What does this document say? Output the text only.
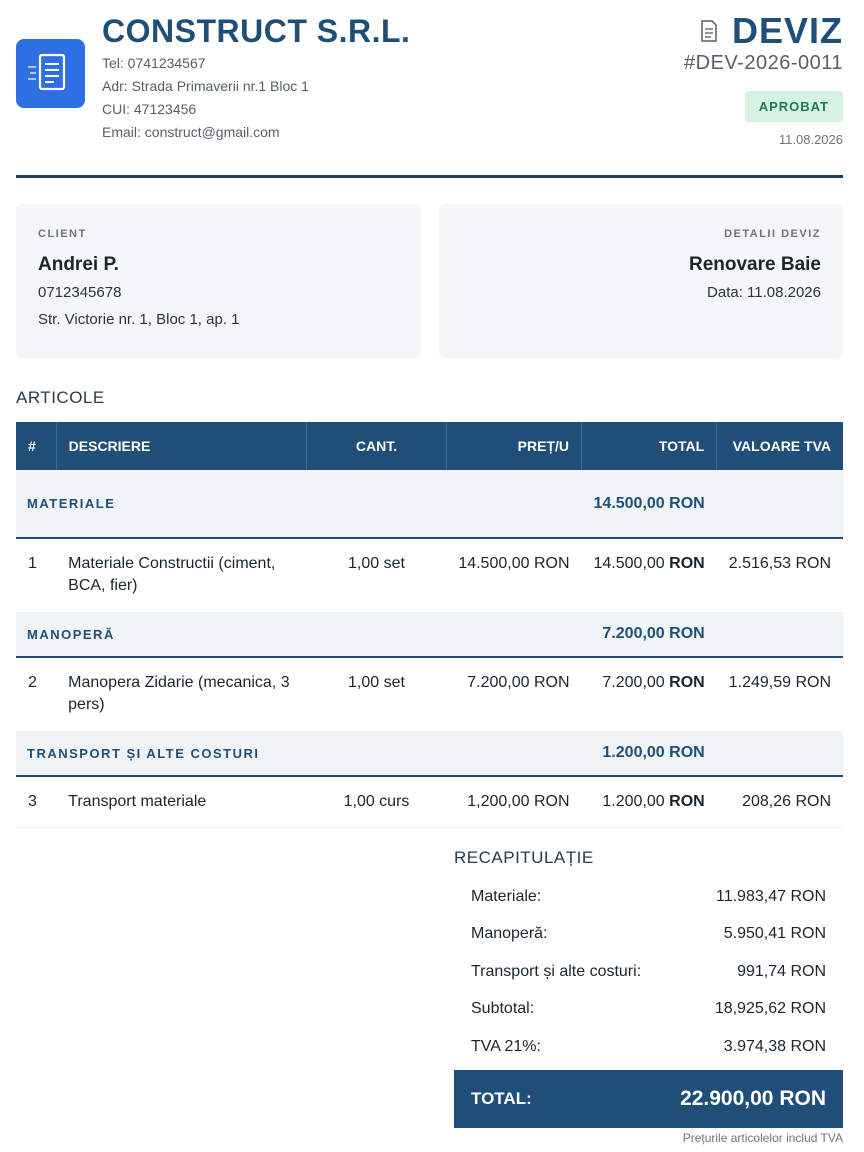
CONSTRUCT S.R.L.
Tel: 0741234567
Adr: Strada Primaverii nr.1 Bloc 1
CUI: 47123456
Email: construct@gmail.com
DEVIZ
#DEV-2026-0011
APROBAT
11.08.2026
CLIENT
Andrei P.
0712345678
Str. Victorie nr. 1, Bloc 1, ap. 1
DETALII DEVIZ
Renovare Baie
Data: 11.08.2026
ARTICOLE
#	DESCRIERE	CANT.	PREȚ/U	TOTAL	VALOARE TVA
MATERIALE				14.500,00 RON	
1	Materiale Constructii (ciment, BCA, fier)	1,00 set	14.500,00 RON	14.500,00 RON	2.516,53 RON
MANOPERĂ				7.200,00 RON	
2	Manopera Zidarie (mecanica, 3 pers)	1,00 set	7.200,00 RON	7.200,00 RON	1.249,59 RON
TRANSPORT ȘI ALTE COSTURI				1.200,00 RON	
3	Transport materiale	1,00 curs	1,200,00 RON	1.200,00 RON	208,26 RON
RECAPITULAȚIE
Materiale:	11.983,47 RON
Manoperă:	5.950,41 RON
Transport și alte costuri:	991,74 RON
Subtotal:	18,925,62 RON
TVA 21%:	3.974,38 RON
TOTAL:	22.900,00 RON
Prețurile articolelor includ TVA
